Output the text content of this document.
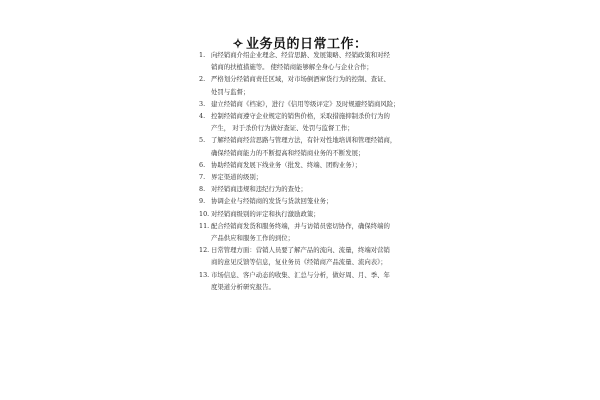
✧ 业务员的日常工作：
1. 向经销商介绍企业理念、经营思路、发展策略、经销政策和对经
销商的扶植措施等。 使经销商能够解全身心与企业合作；
2. 严格划分经销商责任区域，对市场倒酒窜货行为的控制、查证、
处罚与监督；
3. 建立经销商《档案》，进行《信用等级评定》及时规避经销商风险；
4. 控制经销商遵守企业规定的销售价格，采取措施抑制杀价行为的
产生， 对于杀价行为做好查证、处罚与监督工作；
5. 了解经销商经营思路与管理方法，有针对性地培训和管理经销商，
确保经销商能力的不断提高和经销商业务的不断发展；
6. 协助经销商发展下线业务（批发、终端、团购业务）；
7. 界定渠道的级别；
8. 对经销商违规和违纪行为的查处；
9. 协调企业与经销商的发货与货款回笼业务；
10. 对经销商级别的评定和执行激励政策；
11. 配合经销商发货和服务终端，并与访销员密切协作，确保终端的
产品供应和服务工作的到位；
12. 日常管理方面：营销人员要了解产品的流向、流量，终端对营销
商的意见反馈等信息，复业务员《经销商产品流量、流向表》；
13. 市场信息、客户动态的收集、汇总与分析，做好周、月、季、年
度渠道分析研究报告。
